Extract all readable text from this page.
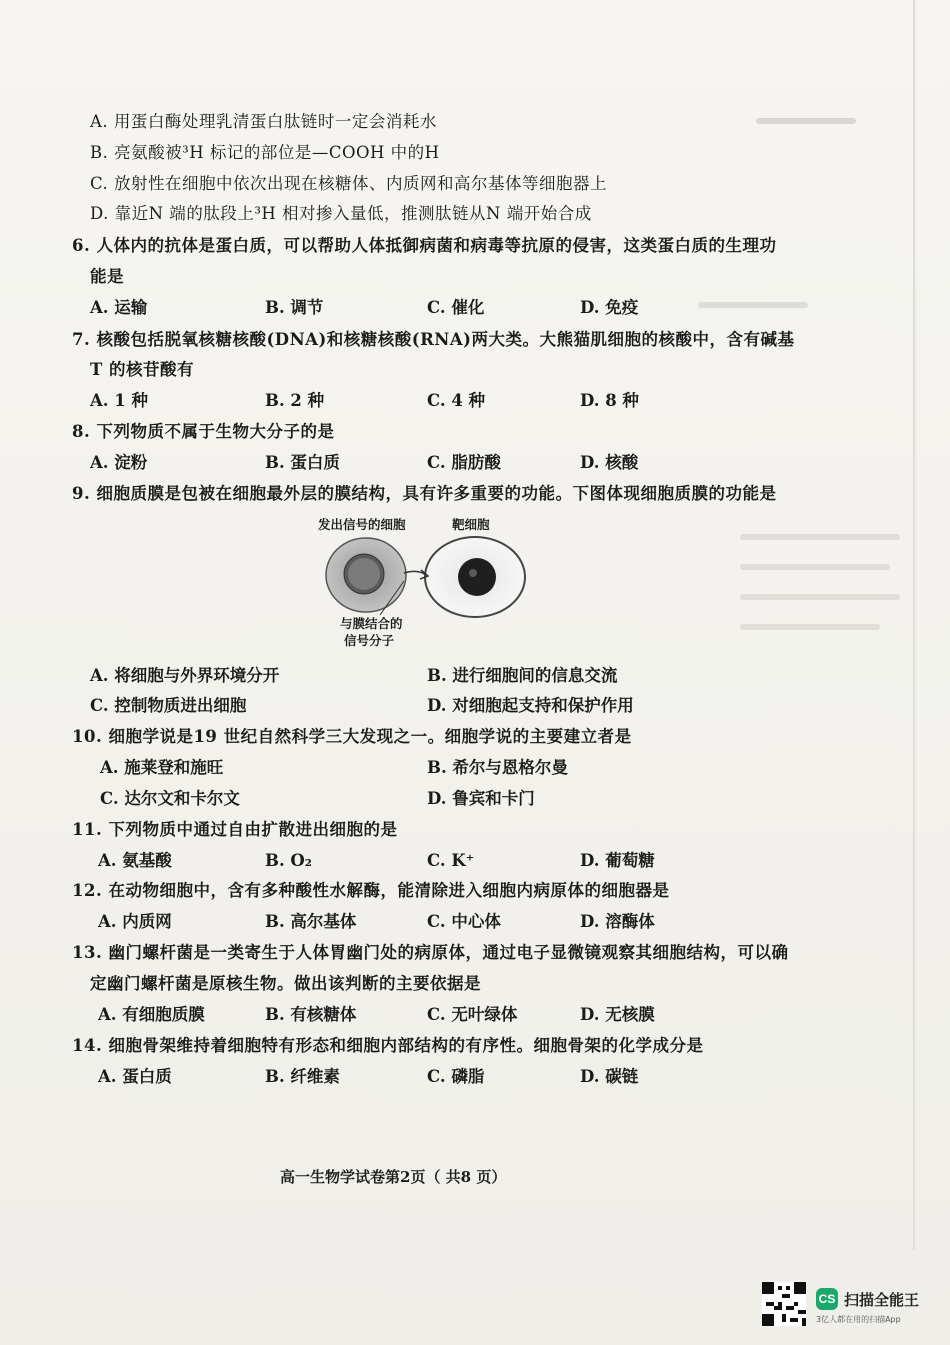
A. 用蛋白酶处理乳清蛋白肽链时一定会消耗水
B. 亮氨酸被³H 标记的部位是—COOH 中的H
C. 放射性在细胞中依次出现在核糖体、内质网和高尔基体等细胞器上
D. 靠近N 端的肽段上³H 相对掺入量低，推测肽链从N 端开始合成
6. 人体内的抗体是蛋白质，可以帮助人体抵御病菌和病毒等抗原的侵害，这类蛋白质的生理功
能是
A. 运输	B. 调节	C. 催化	D. 免疫
7. 核酸包括脱氧核糖核酸(DNA)和核糖核酸(RNA)两大类。大熊猫肌细胞的核酸中，含有碱基
T 的核苷酸有
A. 1 种	B. 2 种	C. 4 种	D. 8 种
8. 下列物质不属于生物大分子的是
A. 淀粉	B. 蛋白质	C. 脂肪酸	D. 核酸
9. 细胞质膜是包被在细胞最外层的膜结构，具有许多重要的功能。下图体现细胞质膜的功能是
发出信号的细胞	靶细胞
与膜结合的
信号分子
A. 将细胞与外界环境分开	B. 进行细胞间的信息交流
C. 控制物质进出细胞	D. 对细胞起支持和保护作用
10. 细胞学说是19 世纪自然科学三大发现之一。细胞学说的主要建立者是
A. 施莱登和施旺	B. 希尔与恩格尔曼
C. 达尔文和卡尔文	D. 鲁宾和卡门
11. 下列物质中通过自由扩散进出细胞的是
A. 氨基酸	B. O₂	C. K⁺	D. 葡萄糖
12. 在动物细胞中，含有多种酸性水解酶，能清除进入细胞内病原体的细胞器是
A. 内质网	B. 高尔基体	C. 中心体	D. 溶酶体
13. 幽门螺杆菌是一类寄生于人体胃幽门处的病原体，通过电子显微镜观察其细胞结构，可以确
定幽门螺杆菌是原核生物。做出该判断的主要依据是
A. 有细胞质膜	B. 有核糖体	C. 无叶绿体	D. 无核膜
14. 细胞骨架维持着细胞特有形态和细胞内部结构的有序性。细胞骨架的化学成分是
A. 蛋白质	B. 纤维素	C. 磷脂	D. 碳链
高一生物学试卷第2页（ 共8 页）
CS 扫描全能王
3亿人都在用的扫描App
